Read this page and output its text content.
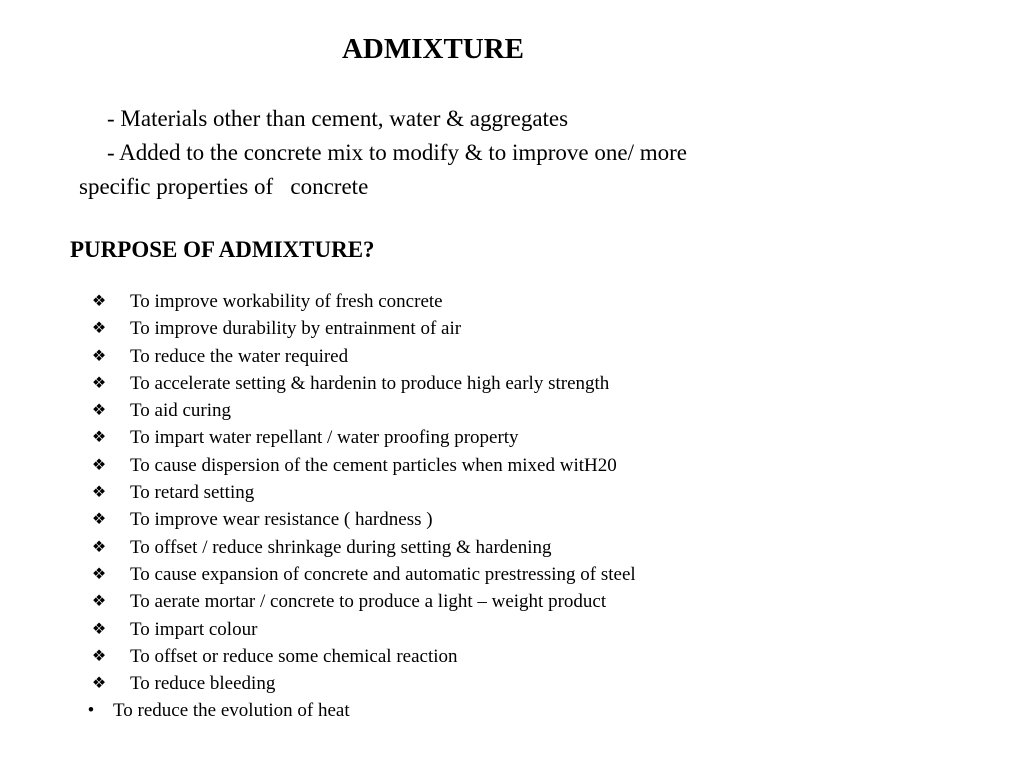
ADMIXTURE
- Materials other than cement, water & aggregates
- Added to the concrete mix to modify & to improve one/ more
specific properties of   concrete
PURPOSE OF ADMIXTURE?
❖ To improve workability of fresh concrete
❖ To improve durability by entrainment of air
❖ To reduce the water required
❖ To accelerate setting & hardenin to produce high early strength
❖ To aid curing
❖ To impart water repellant / water proofing property
❖ To cause dispersion of the cement particles when mixed witH20
❖ To retard setting
❖ To improve wear resistance ( hardness )
❖ To offset / reduce shrinkage during setting & hardening
❖ To cause expansion of concrete and automatic prestressing of steel
❖ To aerate mortar / concrete to produce a light – weight product
❖ To impart colour
❖ To offset or reduce some chemical reaction
❖ To reduce bleeding
• To reduce the evolution of heat
